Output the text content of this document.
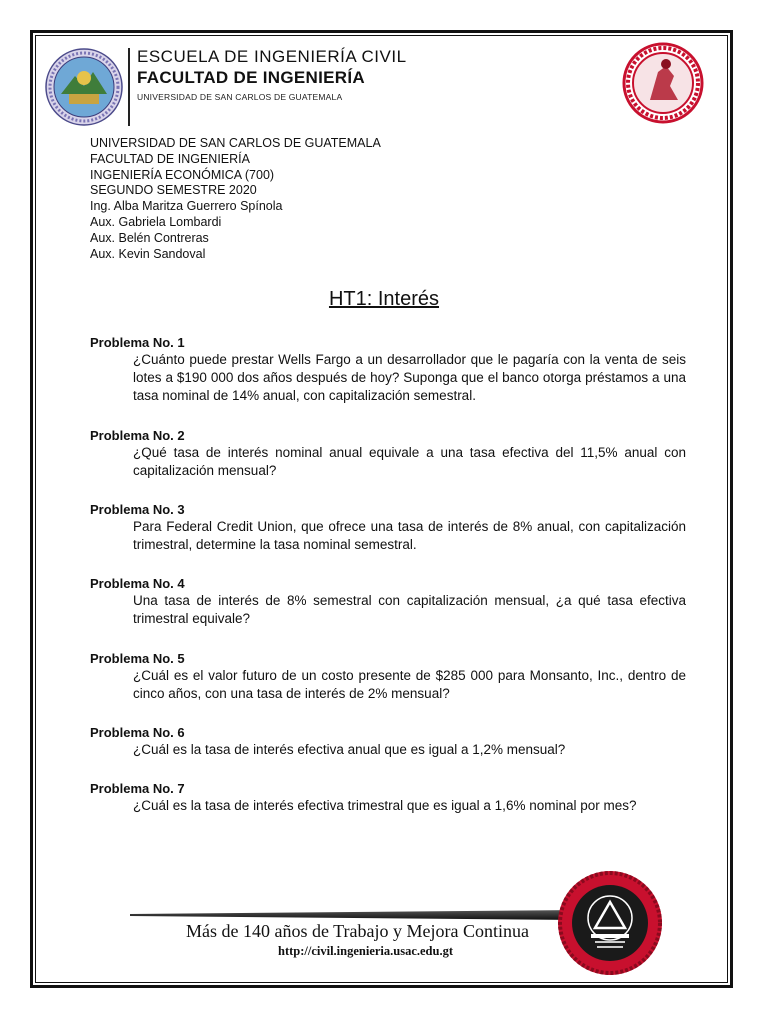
ESCUELA DE INGENIERÍA CIVIL
FACULTAD DE INGENIERÍA
UNIVERSIDAD DE SAN CARLOS DE GUATEMALA
UNIVERSIDAD DE SAN CARLOS DE GUATEMALA
FACULTAD DE INGENIERÍA
INGENIERÍA ECONÓMICA (700)
SEGUNDO SEMESTRE 2020
Ing. Alba Maritza Guerrero Spínola
Aux. Gabriela Lombardi
Aux. Belén Contreras
Aux. Kevin Sandoval
HT1: Interés
Problema No. 1
¿Cuánto puede prestar Wells Fargo a un desarrollador que le pagaría con la venta de seis lotes a $190 000 dos años después de hoy? Suponga que el banco otorga préstamos a una tasa nominal de 14% anual, con capitalización semestral.
Problema No. 2
¿Qué tasa de interés nominal anual equivale a una tasa efectiva del 11,5% anual con capitalización mensual?
Problema No. 3
Para Federal Credit Union, que ofrece una tasa de interés de 8% anual, con capitalización trimestral, determine la tasa nominal semestral.
Problema No. 4
Una tasa de interés de 8% semestral con capitalización mensual, ¿a qué tasa efectiva trimestral equivale?
Problema No. 5
¿Cuál es el valor futuro de un costo presente de $285 000 para Monsanto, Inc., dentro de cinco años, con una tasa de interés de 2% mensual?
Problema No. 6
¿Cuál es la tasa de interés efectiva anual que es igual a 1,2% mensual?
Problema No. 7
¿Cuál es la tasa de interés efectiva trimestral que es igual a 1,6% nominal por mes?
Más de 140 años de Trabajo y Mejora Continua
http://civil.ingenieria.usac.edu.gt
